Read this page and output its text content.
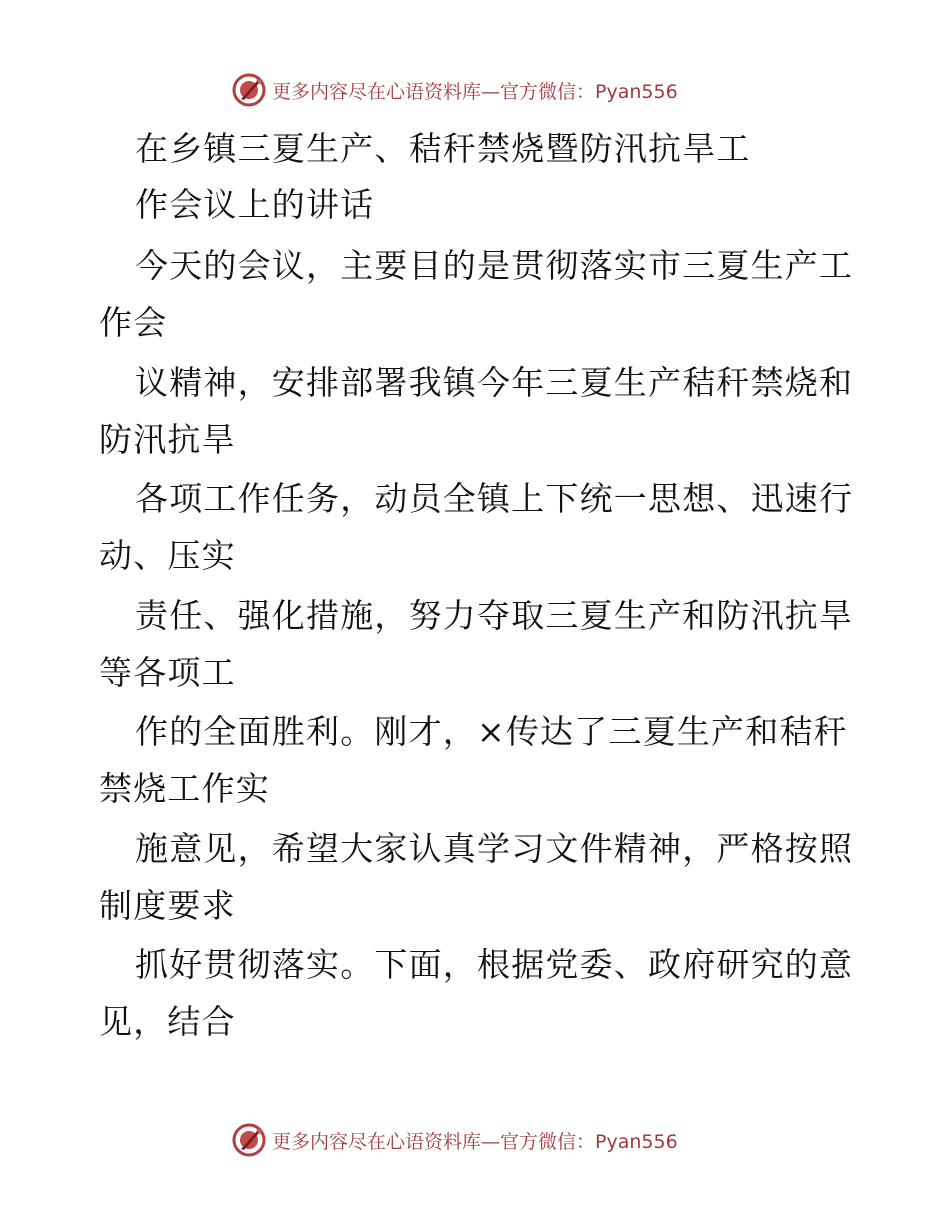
更多内容尽在心语资料库—官方微信：Pyan556
在乡镇三夏生产、秸秆禁烧暨防汛抗旱工
作会议上的讲话
今天的会议，主要目的是贯彻落实市三夏生产工
作会
议精神，安排部署我镇今年三夏生产秸秆禁烧和
防汛抗旱
各项工作任务，动员全镇上下统一思想、迅速行
动、压实
责任、强化措施，努力夺取三夏生产和防汛抗旱
等各项工
作的全面胜利。刚才，×传达了三夏生产和秸秆
禁烧工作实
施意见，希望大家认真学习文件精神，严格按照
制度要求
抓好贯彻落实。下面，根据党委、政府研究的意
见，结合
更多内容尽在心语资料库—官方微信：Pyan556
